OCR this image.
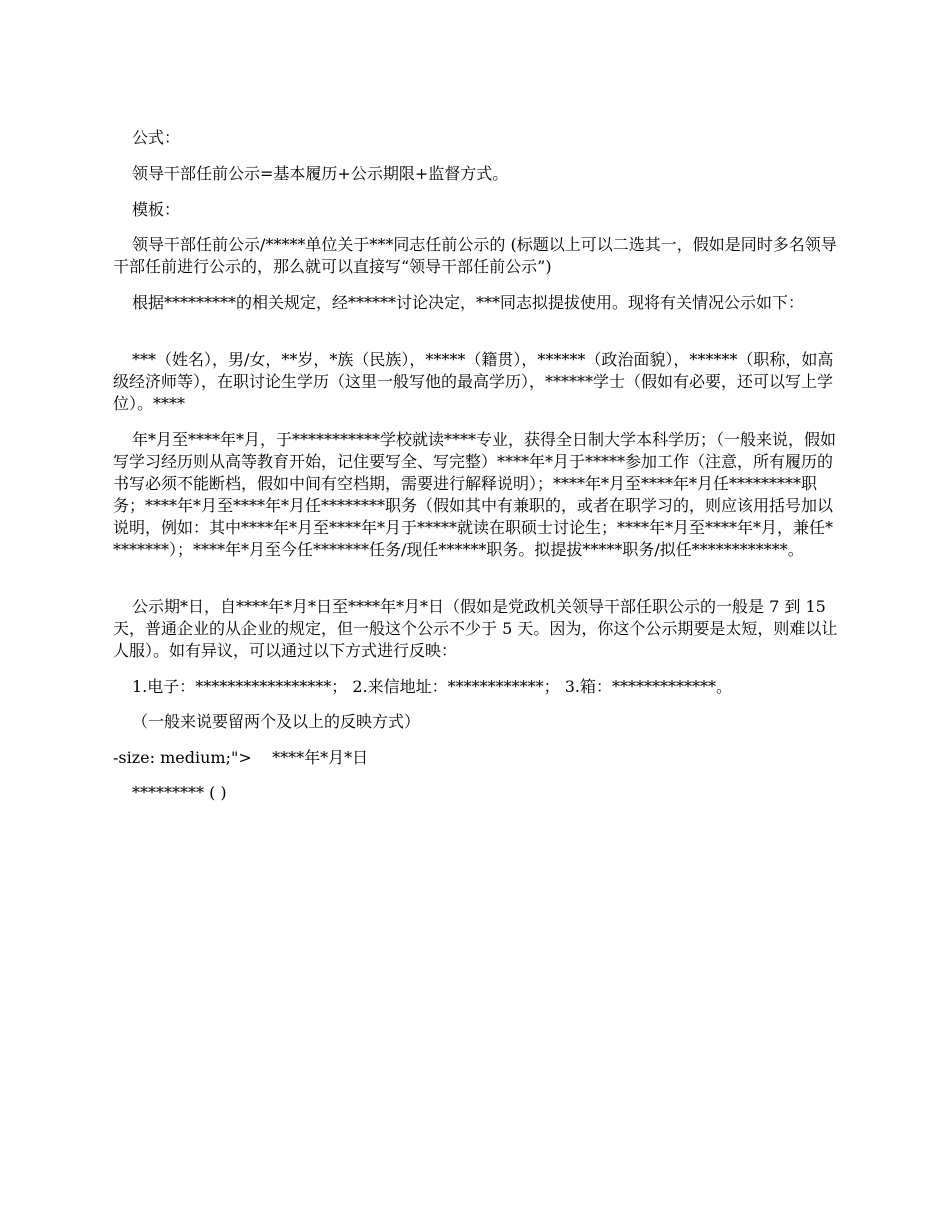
公式：

领导干部任前公示=基本履历+公示期限+监督方式。

模板：

领导干部任前公示/*****单位关于***同志任前公示的 (标题以上可以二选其一，假如是同时多名领导干部任前进行公示的，那么就可以直接写“领导干部任前公示”)

根据*********的相关规定，经******讨论决定，***同志拟提拔使用。现将有关情况公示如下：

***（姓名），男/女，**岁，*族（民族），*****（籍贯），******（政治面貌），******（职称，如高级经济师等），在职讨论生学历（这里一般写他的最高学历），******学士（假如有必要，还可以写上学位）。****

年*月至****年*月，于***********学校就读****专业，获得全日制大学本科学历；（一般来说，假如写学习经历则从高等教育开始，记住要写全、写完整）****年*月于*****参加工作（注意，所有履历的书写必须不能断档，假如中间有空档期，需要进行解释说明）；****年*月至****年*月任*********职务；****年*月至****年*月任********职务（假如其中有兼职的，或者在职学习的，则应该用括号加以说明，例如：其中****年*月至****年*月于*****就读在职硕士讨论生；****年*月至****年*月，兼任********）；****年*月至今任*******任务/现任******职务。拟提拔*****职务/拟任************。

公示期*日，自****年*月*日至****年*月*日（假如是党政机关领导干部任职公示的一般是 7 到 15 天，普通企业的从企业的规定，但一般这个公示不少于 5 天。因为，你这个公示期要是太短，则难以让人服）。如有异议，可以通过以下方式进行反映：

1.电子：*****************； 2.来信地址：************； 3.箱：*************。

（一般来说要留两个及以上的反映方式）

-size: medium;">    ****年*月*日

********* ( )
